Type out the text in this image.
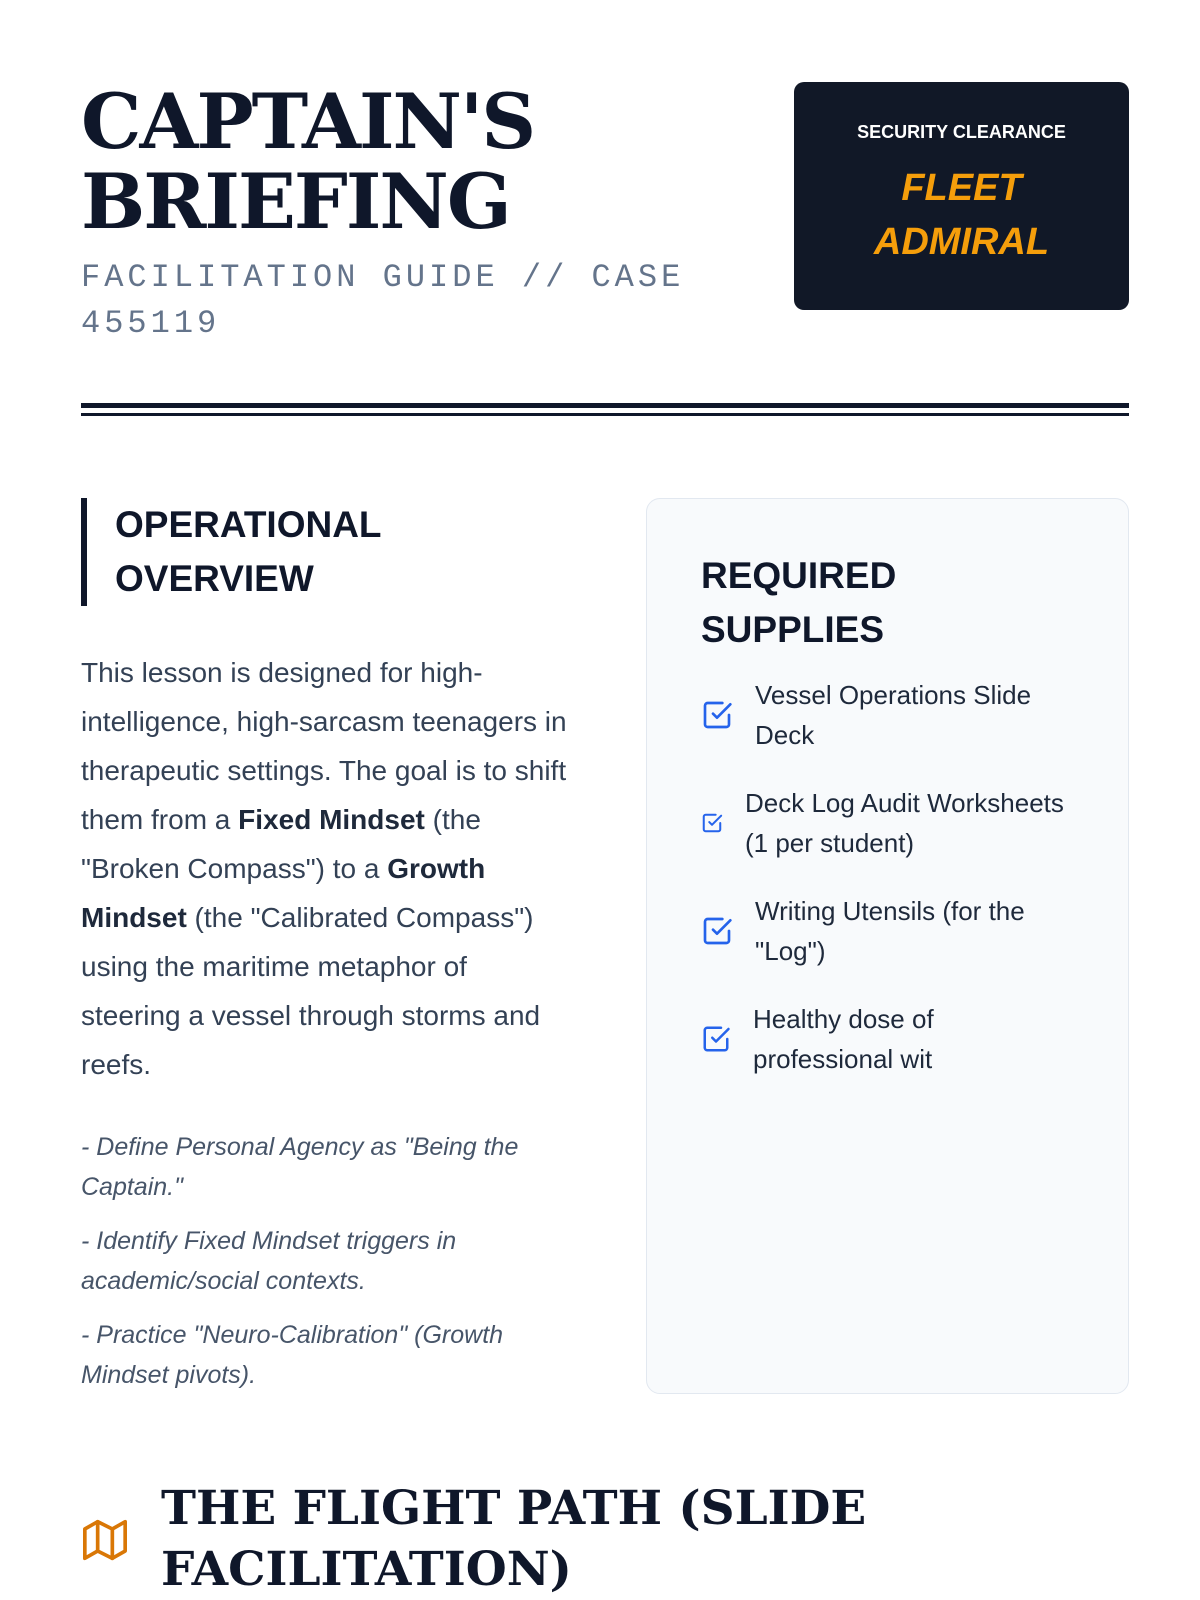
CAPTAIN'S
BRIEFING
FACILITATION GUIDE // CASE 455119
SECURITY CLEARANCE
FLEET
ADMIRAL
OPERATIONAL
OVERVIEW

This lesson is designed for high-intelligence, high-sarcasm teenagers in therapeutic settings. The goal is to shift them from a Fixed Mindset (the "Broken Compass") to a Growth Mindset (the "Calibrated Compass") using the maritime metaphor of steering a vessel through storms and reefs.

- Define Personal Agency as "Being the Captain."
- Identify Fixed Mindset triggers in academic/social contexts.
- Practice "Neuro-Calibration" (Growth Mindset pivots).
REQUIRED
SUPPLIES
Vessel Operations Slide Deck
Deck Log Audit Worksheets (1 per student)
Writing Utensils (for the "Log")
Healthy dose of professional wit
THE FLIGHT PATH (SLIDE FACILITATION)
